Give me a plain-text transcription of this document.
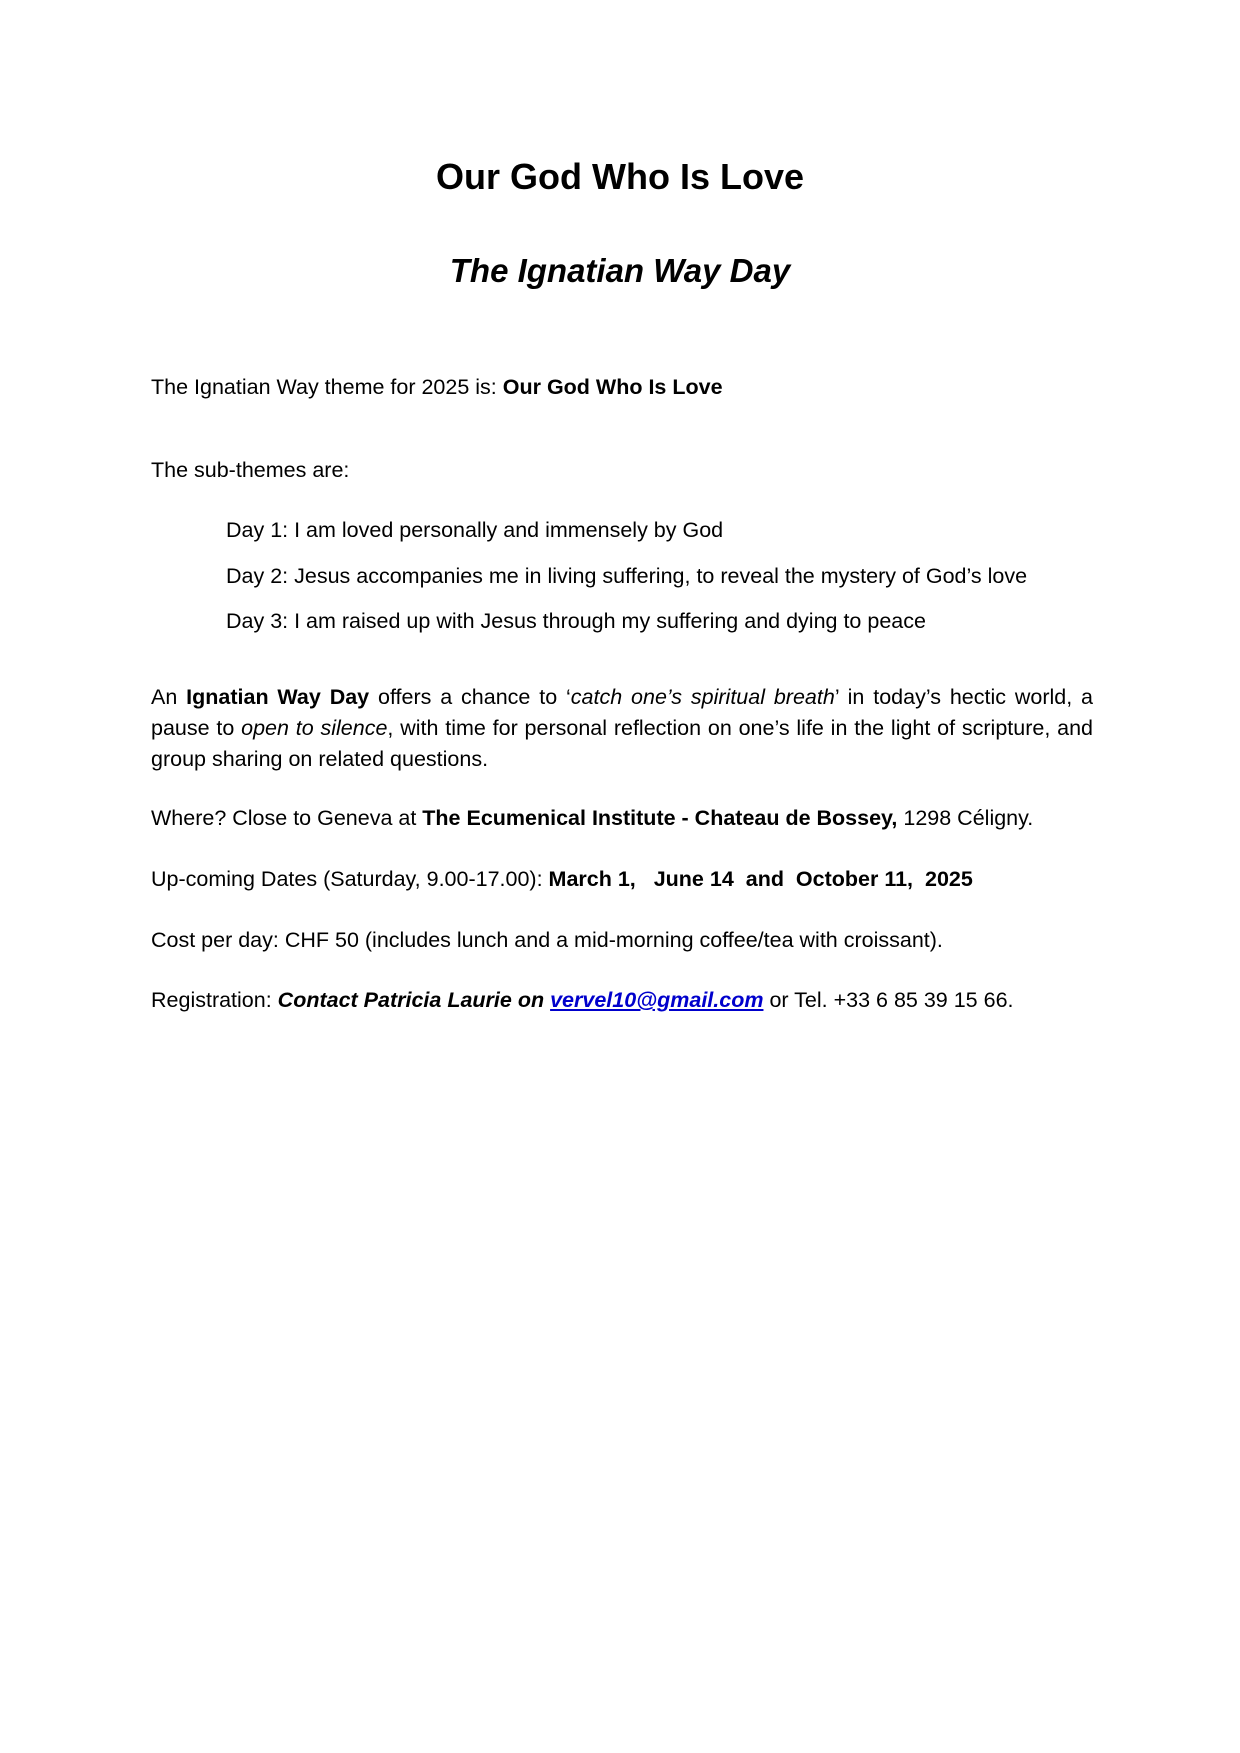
Our God Who Is Love
The Ignatian Way Day

The Ignatian Way theme for 2025 is: Our God Who Is Love

The sub-themes are:

Day 1: I am loved personally and immensely by God

Day 2: Jesus accompanies me in living suffering, to reveal the mystery of God’s love

Day 3: I am raised up with Jesus through my suffering and dying to peace

An Ignatian Way Day offers a chance to ‘catch one’s spiritual breath’ in today’s hectic world, a pause to open to silence, with time for personal reflection on one’s life in the light of scripture, and group sharing on related questions.

Where? Close to Geneva at The Ecumenical Institute - Chateau de Bossey, 1298 Céligny.

Up-coming Dates (Saturday, 9.00-17.00): March 1, June 14 and October 11, 2025

Cost per day: CHF 50 (includes lunch and a mid-morning coffee/tea with croissant).

Registration: Contact Patricia Laurie on vervel10@gmail.com or Tel. +33 6 85 39 15 66.
